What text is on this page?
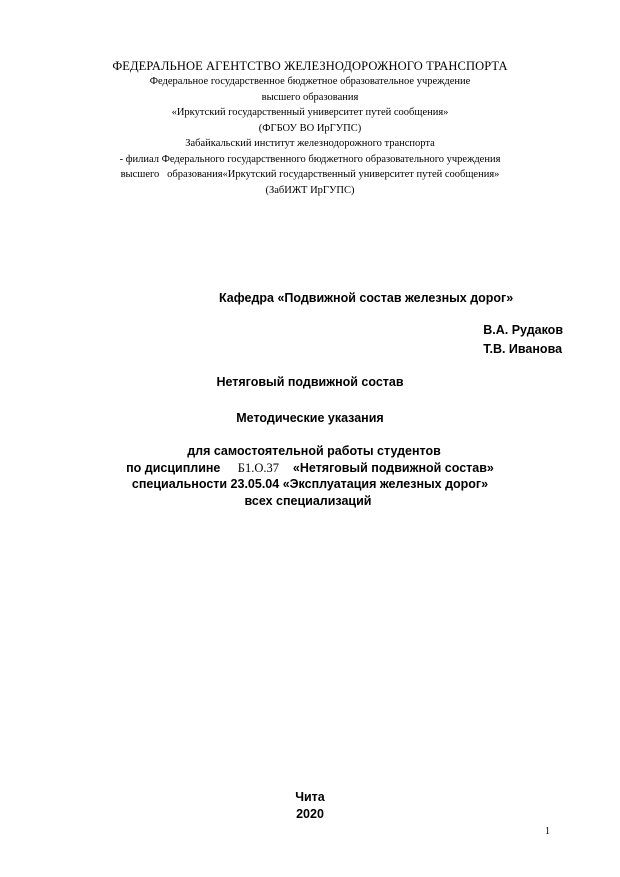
ФЕДЕРАЛЬНОЕ АГЕНТСТВО ЖЕЛЕЗНОДОРОЖНОГО ТРАНСПОРТА
Федеральное государственное бюджетное образовательное учреждение
высшего образования
«Иркутский государственный университет путей сообщения»
(ФГБОУ ВО ИрГУПС)
Забайкальский институт железнодорожного транспорта
- филиал Федерального государственного бюджетного образовательного учреждения
высшего   образования«Иркутский государственный университет путей сообщения»
(ЗабИЖТ ИрГУПС)
Кафедра «Подвижной состав железных дорог»
В.А. Рудаков
Т.В. Иванова
Нетяговый подвижной состав
Методические указания
для самостоятельной работы студентов
по дисциплине Б1.О.37 «Нетяговый подвижной состав»
специальности 23.05.04 «Эксплуатация железных дорог»
всех специализаций
Чита
2020
1
